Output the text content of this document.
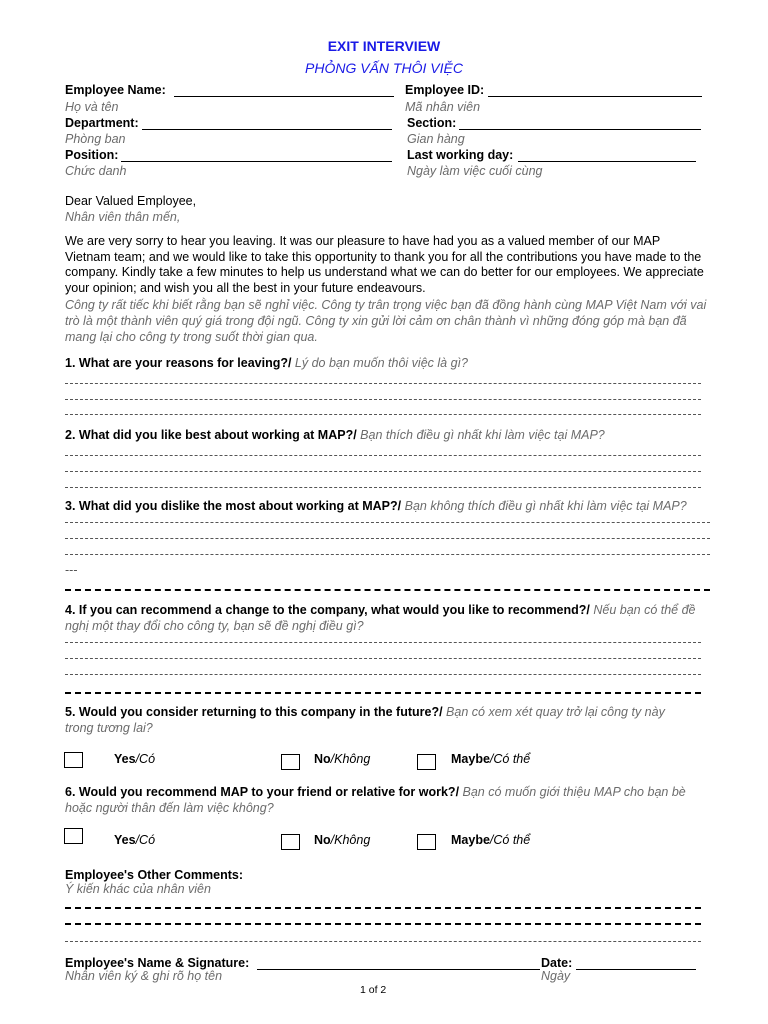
EXIT INTERVIEW
PHỎNG VẤN THÔI VIỆC
Employee Name:
Họ và tên
Employee ID:
Mã nhân viên
Department:
Phòng ban
Section:
Gian hàng
Position:
Chức danh
Last working day:
Ngày làm việc cuối cùng
Dear Valued Employee,
Nhân viên thân mến,
We are very sorry to hear you leaving. It was our pleasure to have had you as a valued member of our MAP Vietnam team; and we would like to take this opportunity to thank you for all the contributions you have made to the company. Kindly take a few minutes to help us understand what we can do better for our employees. We appreciate your opinion; and wish you all the best in your future endeavours.
Công ty rất tiếc khi biết rằng bạn sẽ nghỉ việc. Công ty trân trọng việc bạn đã đồng hành cùng MAP Việt Nam với vai trò là một thành viên quý giá trong đội ngũ. Công ty xin gửi lời cảm ơn chân thành vì những đóng góp mà bạn đã mang lại cho công ty trong suốt thời gian qua.
1. What are your reasons for leaving?/ Lý do bạn muốn thôi việc là gì?
2. What did you like best about working at MAP?/ Bạn thích điều gì nhất khi làm việc tại MAP?
3. What did you dislike the most about working at MAP?/ Bạn không thích điều gì nhất khi làm việc tại MAP?
---
4. If you can recommend a change to the company, what would you like to recommend?/ Nếu bạn có thể đề nghị một thay đổi cho công ty, bạn sẽ đề nghị điều gì?
5. Would you consider returning to this company in the future?/ Bạn có xem xét quay trở lại công ty này trong tương lai?
Yes/Có	No/Không	Maybe/Có thể
6. Would you recommend MAP to your friend or relative for work?/ Bạn có muốn giới thiệu MAP cho bạn bè hoặc người thân đến làm việc không?
Yes/Có	No/Không	Maybe/Có thể
Employee's Other Comments:
Ý kiến khác của nhân viên
Employee's Name & Signature:
Nhân viên ký & ghi rõ họ tên
Date:
Ngày
1 of 2
